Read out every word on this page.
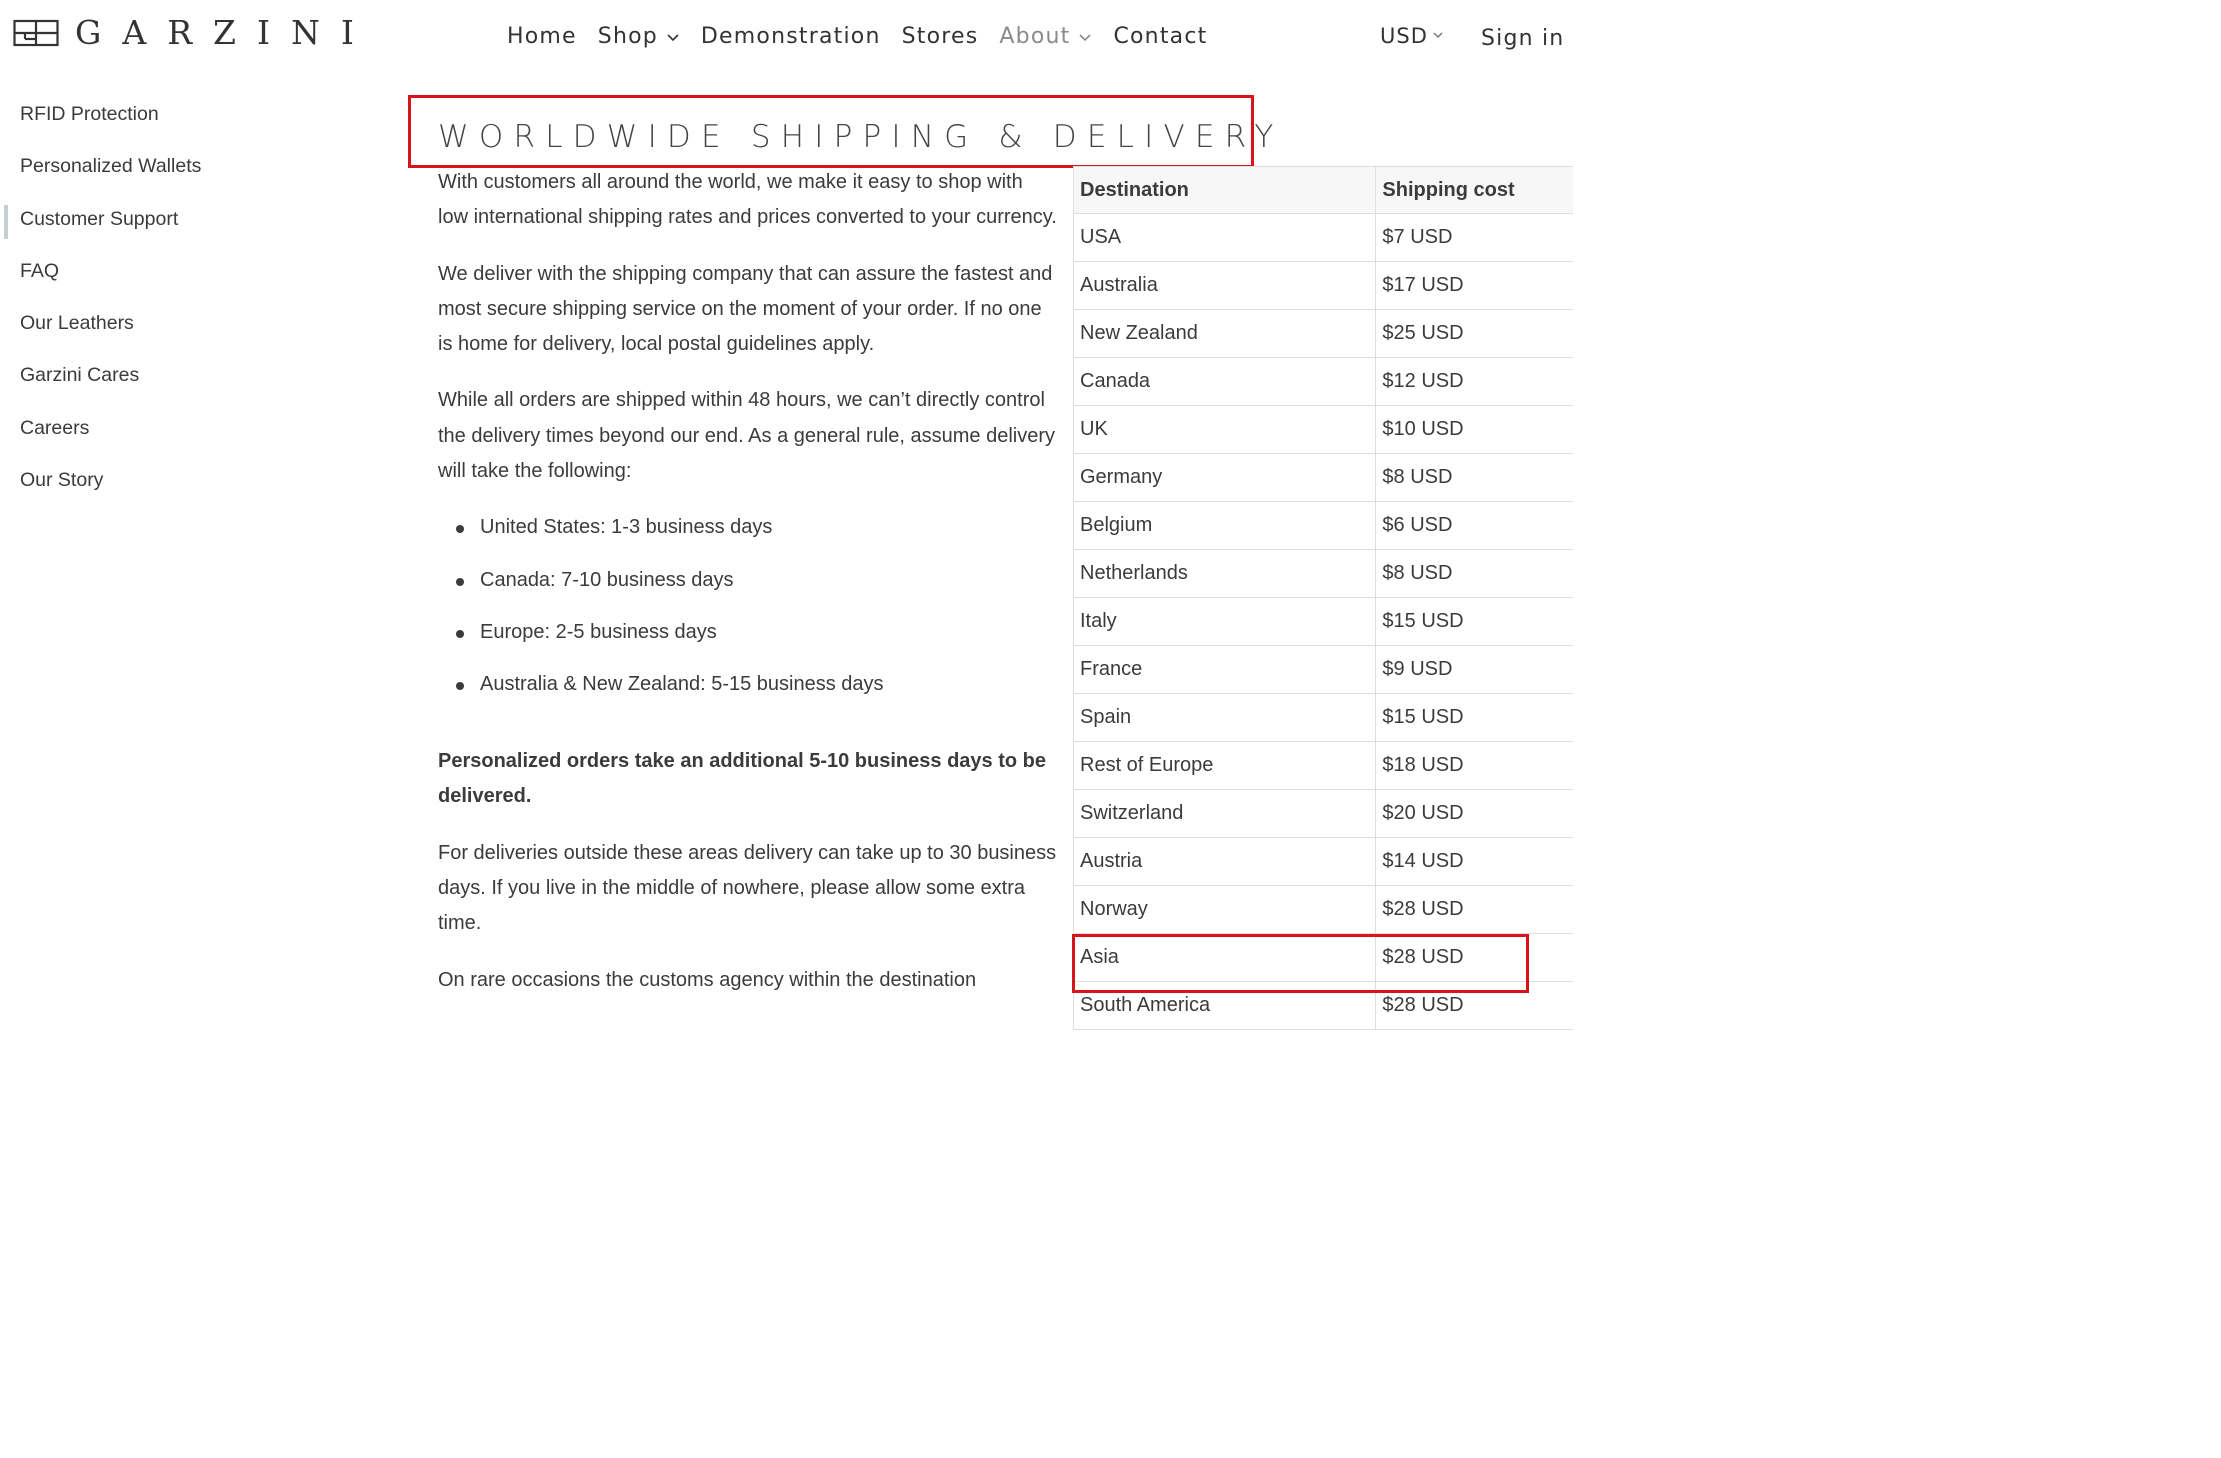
GARZINI	Home Shop Demonstration Stores About Contact	USD Sign in
RFID Protection
Personalized Wallets
Customer Support
FAQ
Our Leathers
Garzini Cares
Careers
Our Story
WORLDWIDE SHIPPING & DELIVERY

With customers all around the world, we make it easy to shop with low international shipping rates and prices converted to your currency.

We deliver with the shipping company that can assure the fastest and most secure shipping service on the moment of your order. If no one is home for delivery, local postal guidelines apply.

While all orders are shipped within 48 hours, we can’t directly control the delivery times beyond our end. As a general rule, assume delivery will take the following:

United States: 1-3 business days
Canada: 7-10 business days
Europe: 2-5 business days
Australia & New Zealand: 5-15 business days

Personalized orders take an additional 5-10 business days to be delivered.

For deliveries outside these areas delivery can take up to 30 business days. If you live in the middle of nowhere, please allow some extra time.

On rare occasions the customs agency within the destination

Destination	Shipping cost
USA	$7 USD
Australia	$17 USD
New Zealand	$25 USD
Canada	$12 USD
UK	$10 USD
Germany	$8 USD
Belgium	$6 USD
Netherlands	$8 USD
Italy	$15 USD
France	$9 USD
Spain	$15 USD
Rest of Europe	$18 USD
Switzerland	$20 USD
Austria	$14 USD
Norway	$28 USD
Asia	$28 USD
South America	$28 USD
